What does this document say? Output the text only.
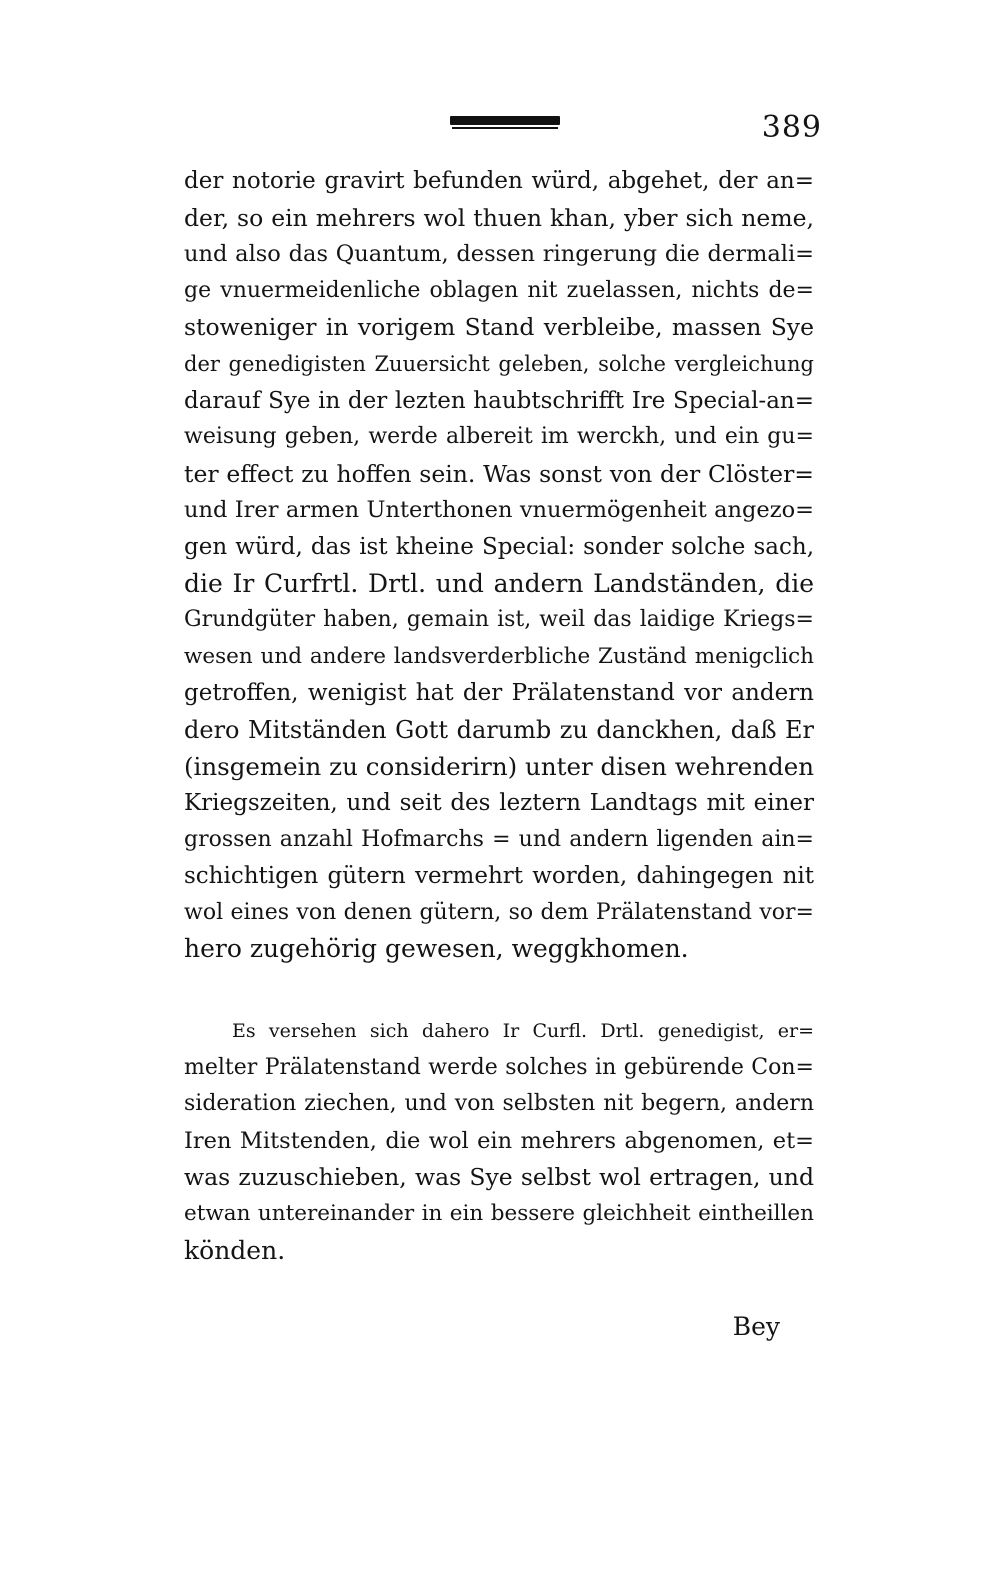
389
der notorie gravirt befunden würd, abgehet, der an=
der, so ein mehrers wol thuen khan, yber sich neme,
und also das Quantum, dessen ringerung die dermali=
ge vnuermeidenliche oblagen nit zuelassen, nichts de=
stoweniger in vorigem Stand verbleibe, massen Sye
der genedigisten Zuuersicht geleben, solche vergleichung
darauf Sye in der lezten haubtschrifft Ire Special-an=
weisung geben, werde albereit im werckh, und ein gu=
ter effect zu hoffen sein. Was sonst von der Clöster=
und Irer armen Unterthonen vnuermögenheit angezo=
gen würd, das ist kheine Special: sonder solche sach,
die Ir Curfrtl. Drtl. und andern Landständen, die
Grundgüter haben, gemain ist, weil das laidige Kriegs=
wesen und andere landsverderbliche Zuständ menigclich
getroffen, wenigist hat der Prälatenstand vor andern
dero Mitständen Gott darumb zu danckhen, daß Er
(insgemein zu considerirn) unter disen wehrenden
Kriegszeiten, und seit des leztern Landtags mit einer
grossen anzahl Hofmarchs = und andern ligenden ain=
schichtigen gütern vermehrt worden, dahingegen nit
wol eines von denen gütern, so dem Prälatenstand vor=
hero zugehörig gewesen, weggkhomen.
Es versehen sich dahero Ir Curfl. Drtl. genedigist, er=
melter Prälatenstand werde solches in gebürende Con=
sideration ziechen, und von selbsten nit begern, andern
Iren Mitstenden, die wol ein mehrers abgenomen, et=
was zuzuschieben, was Sye selbst wol ertragen, und
etwan untereinander in ein bessere gleichheit eintheillen
könden.
Bey
